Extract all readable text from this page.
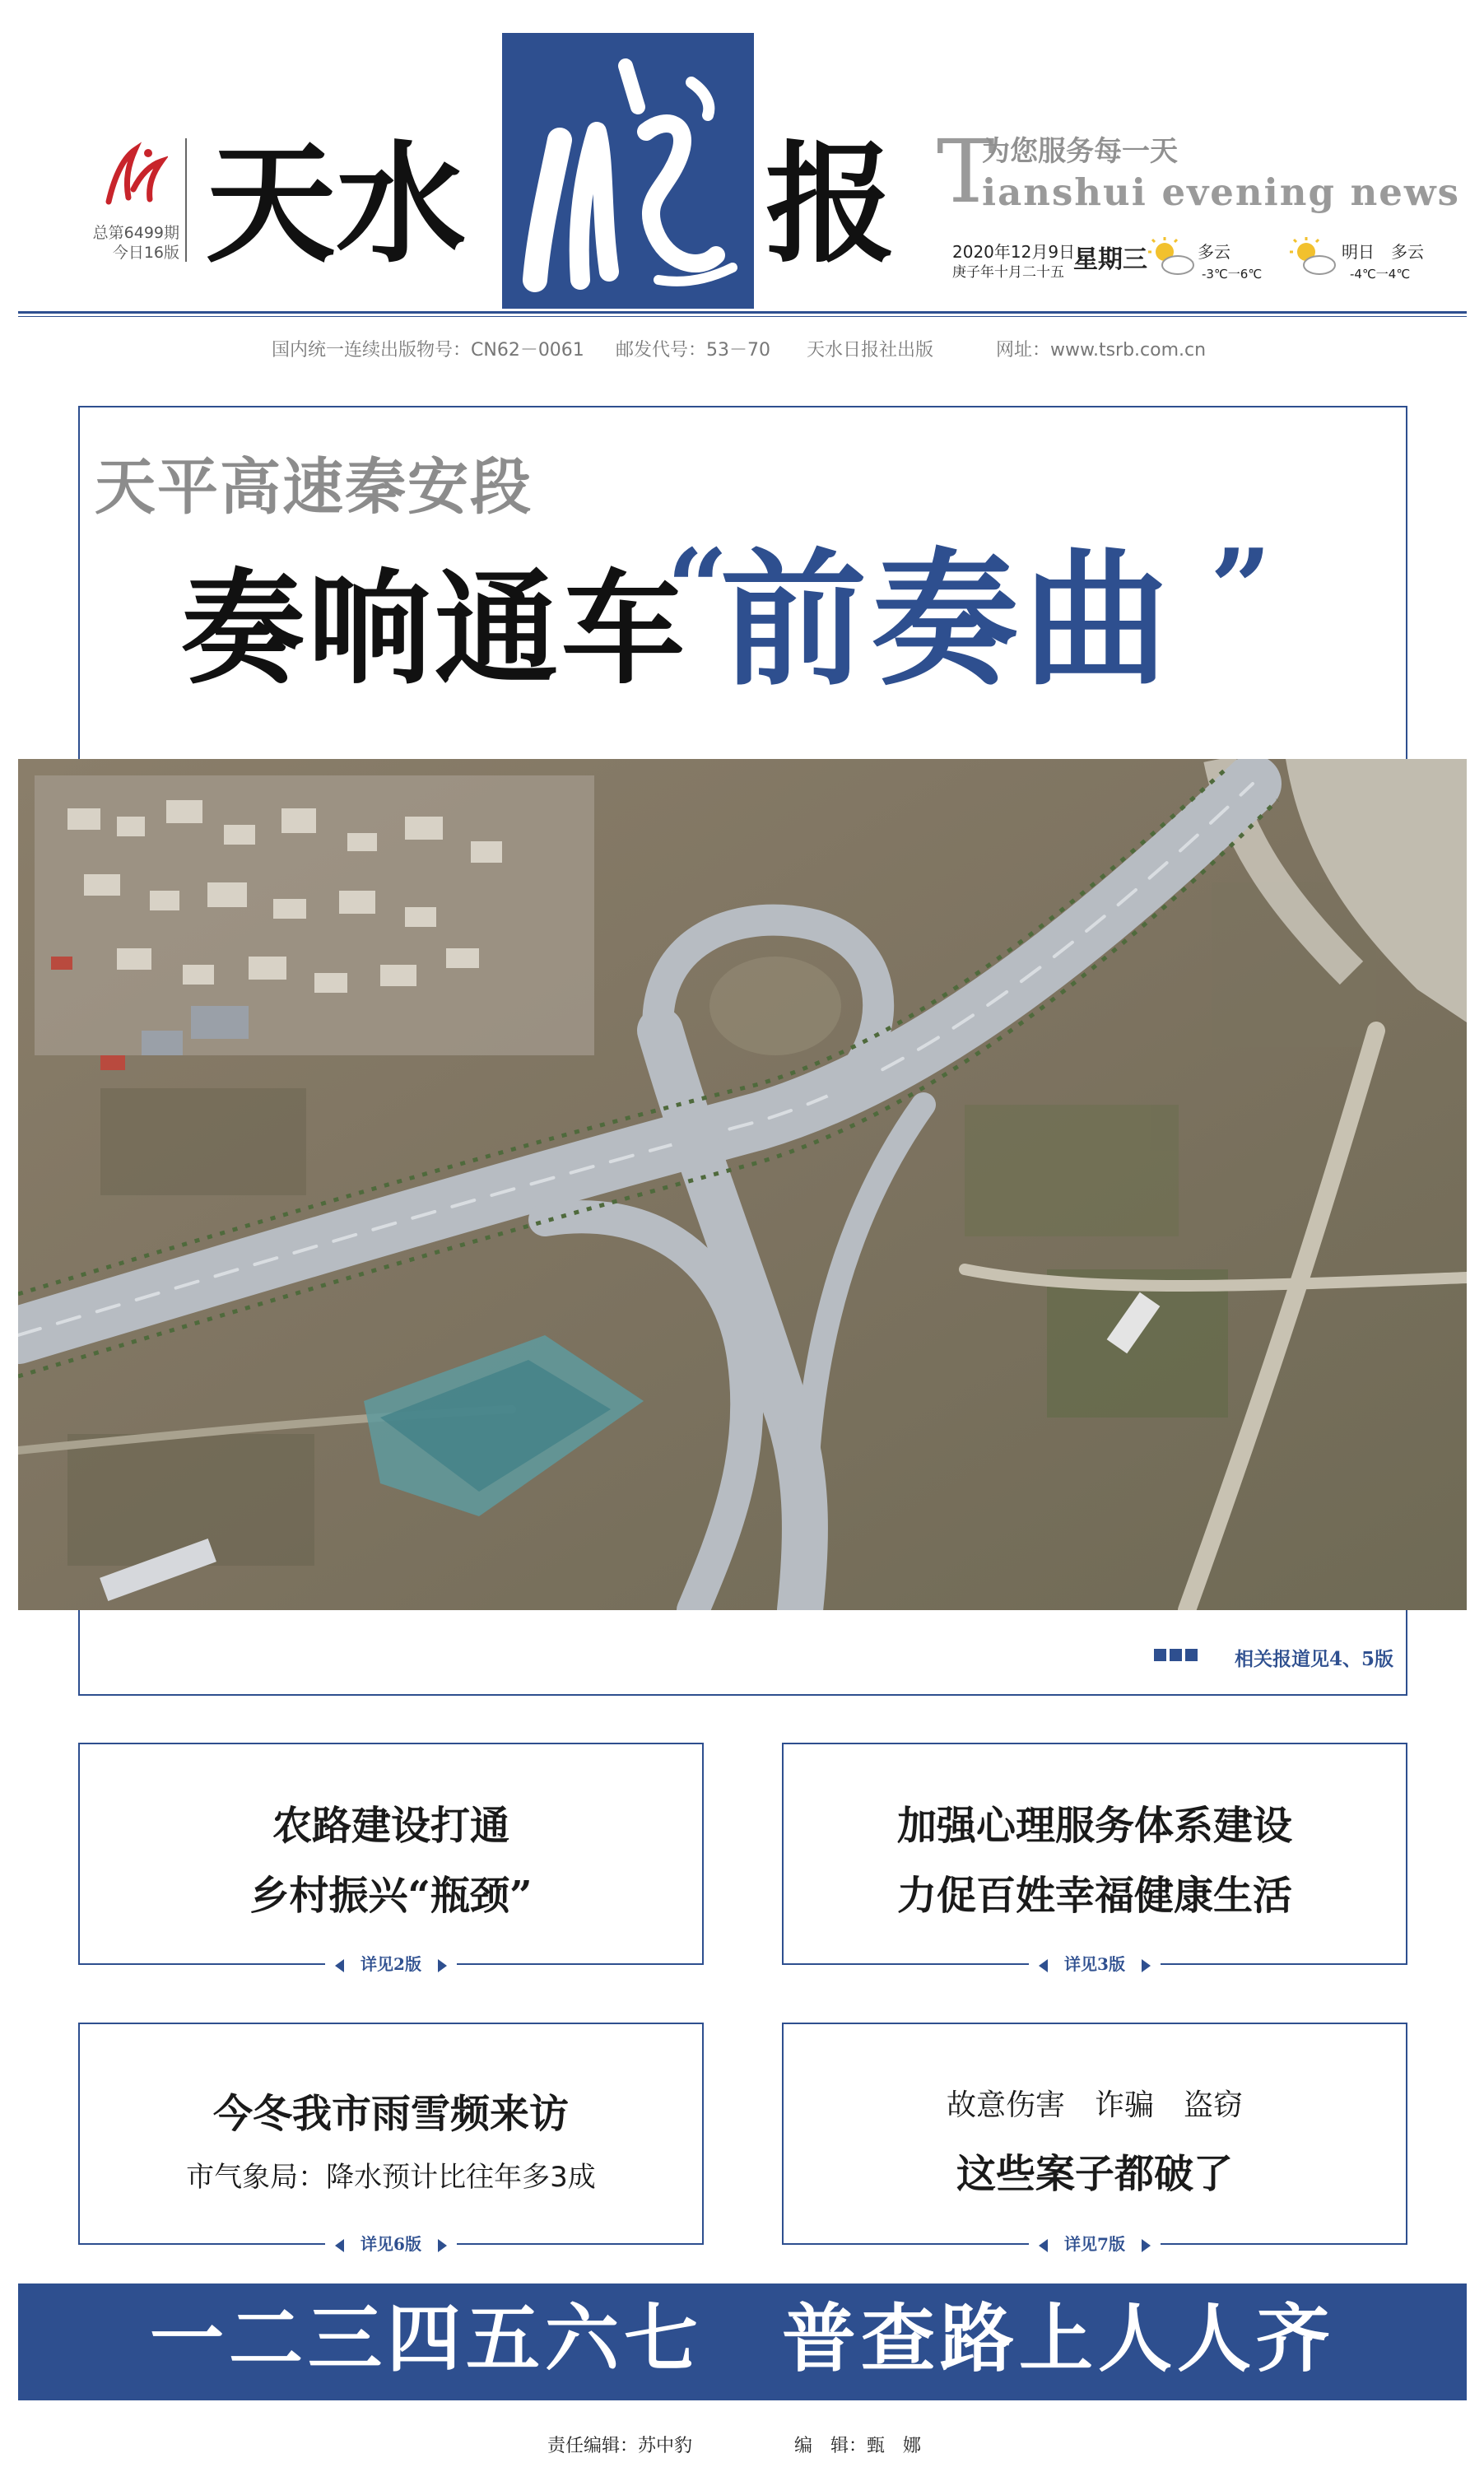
总第6499期
今日16版 天水 报 T
为您服务每一天
ianshui evening news
2020年12月9日
庚子年十月二十五 星期三	多云
-3℃一6℃
明日 多云
-4℃一4℃
国内统一连续出版物号：CN62－0061 邮发代号：53－70 天水日报社出版	网址：www.tsrb.com.cn
天平高速秦安段
奏响通车
“
前奏曲 ”
相关报道见4、5版
农路建设打通
乡村振兴“瓶颈”
详见2版
加强心理服务体系建设
力促百姓幸福健康生活
详见3版
今冬我市雨雪频来访
市气象局：降水预计比往年多3成
详见6版
故意伤害　诈骗　盗窃
这些案子都破了
详见7版
一二三四五六七　普查路上人人齐
责任编辑：苏中豹	编　辑：甄　娜
